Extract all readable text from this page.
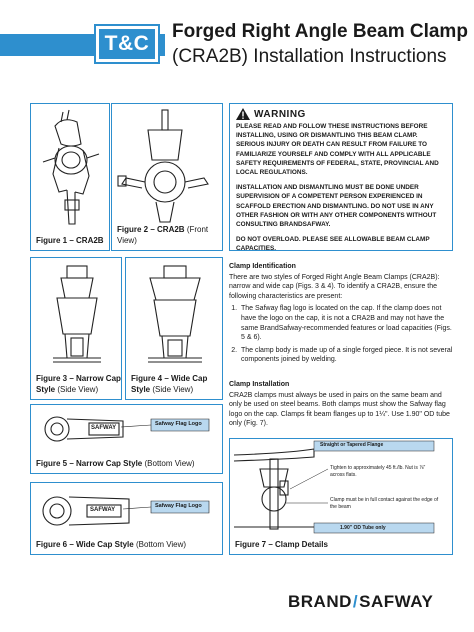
T&C
Forged Right Angle Beam Clamp
(CRA2B) Installation Instructions
Figure 1 – CRA2B
Figure 2 – CRA2B (Front View)
Figure 3 – Narrow Cap Style (Side View)
Figure 4 – Wide Cap Style (Side View)
SAFWAY
Safway Flag Logo
Figure 5 – Narrow Cap Style (Bottom View)
SAFWAY
Safway Flag Logo
Figure 6 – Wide Cap Style (Bottom View)
WARNING

PLEASE READ AND FOLLOW THESE INSTRUCTIONS BEFORE INSTALLING, USING OR DISMANTLING THIS BEAM CLAMP. SERIOUS INJURY OR DEATH CAN RESULT FROM FAILURE TO FAMILIARIZE YOURSELF AND COMPLY WITH ALL APPLICABLE SAFETY REQUIREMENTS OF FEDERAL, STATE, PROVINCIAL AND LOCAL REGULATIONS.

INSTALLATION AND DISMANTLING MUST BE DONE UNDER SUPERVISION OF A COMPETENT PERSON EXPERIENCED IN SCAFFOLD ERECTION AND DISMANTLING. DO NOT USE IN ANY OTHER FASHION OR WITH ANY OTHER COMPONENTS WITHOUT CONSULTING BRANDSAFWAY.

DO NOT OVERLOAD. PLEASE SEE ALLOWABLE BEAM CLAMP CAPACITIES.

Clamp Identification

There are two styles of Forged Right Angle Beam Clamps (CRA2B): narrow and wide cap (Figs. 3 & 4). To identify a CRA2B, ensure the following characteristics are present:

1. The Safway flag logo is located on the cap. If the clamp does not have the logo on the cap, it is not a CRA2B and may not have the same BrandSafway-recommended features or load capacities (Figs. 5 & 6).
2. The clamp body is made up of a single forged piece. It is not several components joined by welding.
Clamp Installation

CRA2B clamps must always be used in pairs on the same beam and only be used on steel beams. Both clamps must show the Safway flag logo on the cap. Clamps fit beam flanges up to 1¼". Use 1.90" OD tube only (Fig. 7).

Straight or Tapered Flange
Tighten to approximately 45 ft./lb. Nut is ⅞" across flats.
Clamp must be in full contact against the edge of the beam
1.90" OD Tube only
Figure 7 – Clamp Details
BRAND/SAFWAY
